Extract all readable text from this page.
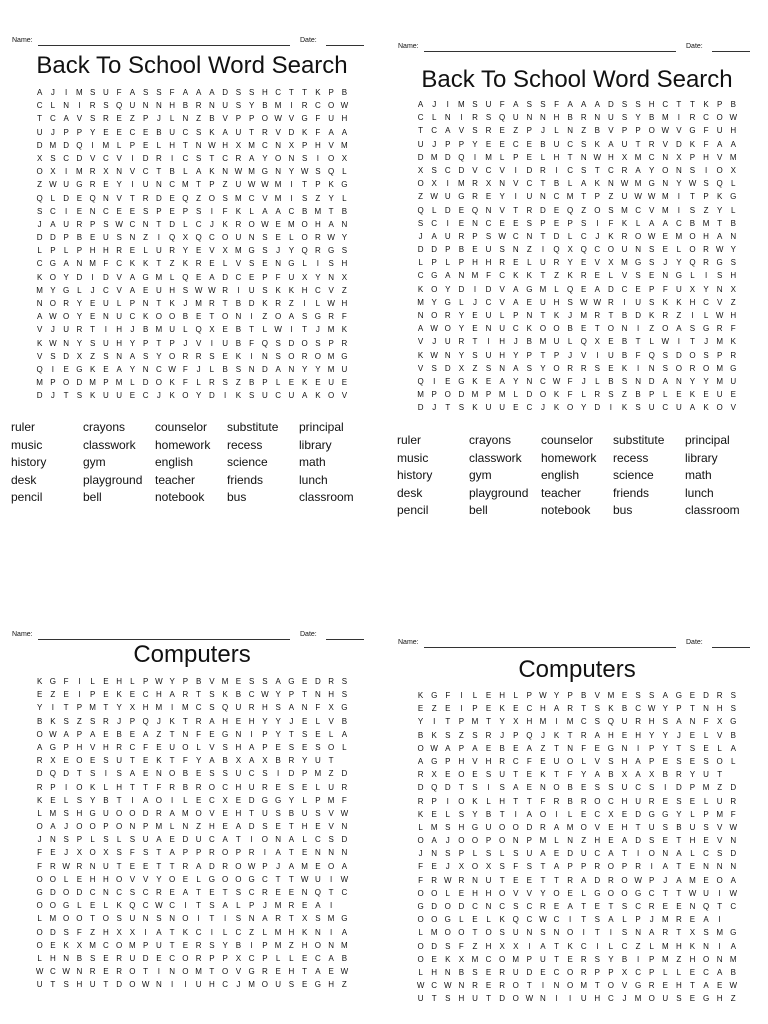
Name:	Date:
Back To School Word Search
A	J	I	M S U F	A S S	F	A A A D S S H C T	T	K P B
C	L	N	I	R S Q U N N H B R N U S Y B M	I	R C O W
T C A V S R E	Z	P	J	L	N Z	B V P P O W V G F U H
U	J	P P Y E E C E B U C S K A U T R V D K	F	A A
D M D Q	I	M L	P E	L	H T N W H X M C N X P H V M
X S C D V C V	I	D R	I	C S	T C R A Y O N S	I	O X
O X	I	M R X N V C T	B	L	A K N W M G N Y W S Q L
Z W U G R E Y	I	U N C M T	P	Z U W W M	I	T	P K G
Q L	D E Q N V	T R D E Q Z O S M C V M	I	S	Z	Y	L
S C	I	E N C E E S P E P S	I	F	K	L	A A C B M T	B
J	A U R P S W C N T D	L	C	J	K R O W E M O H A N
D D P B E U S N Z	I	Q X Q C O U N S E	L O R W Y
L	P	L	P H H R E	L	U R Y E V X M G S	J	Y Q R G S
C G A N M F C K K	T	Z	K R E	L	V S E N G L	I	S H
K O Y D	I	D V A G M L Q E A D C E P	F U X Y N X
M Y G L	J	C V A E U H S W W R	I	U S K K H C V	Z
N O R Y E U	L	P N T	K	J M R T	B D K R Z	I	L W H
A W O Y E N U C K O O B E	T O N	I	Z O A S G R F
V	J	U R T	I	H	J	B M U	L Q X E B	T	L W	I	T	J M K
K W N Y S U H Y P	T	P	J	V	I	U B	F Q S D O S P R
V S D X	Z	S N A S Y O R R S E K	I	N S O R O M G
Q	I	E G K E A Y N C W F	J	L	B S N D A N Y Y M U
M P O D M P M L	D O K	F	L	R S	Z	B P	L	E K E U E
D	J	T	S K U U E C	J	K O Y D	I	K S U C U A K O V
ruler	crayons	counselor	substitute	principal
music	classwork	homework	recess	library
history	gym	english	science	math
desk	playground	teacher	friends	lunch
pencil	bell	notebook	bus	classroom
Name:	Date:
Back To School Word Search
A	J	I	M S	U	F	A	S	S	F	A	A	A	D	S	S	H C	T	T	K	P	B
C	L	N	I	R	S Q U N N H	B	R N U	S	Y	B M	I	R C O W
T	C	A	V	S	R	E	Z	P	J	L	N	Z	B	V	P	P O W V G	F	U H
U	J	P	P	Y	E	E	C	E	B	U C	S	K	A	U	T	R	V	D	K	F	A	A
D M D Q	I	M	L	P	E	L	H	T	N W H	X M C N	X	P	H	V M
X	S	C D	V	C	V	I	D R	I	C	S	T	C R	A	Y O N	S	I	O X
O X	I	M R	X	N	V	C	T	B	L	A	K	N W M G N	Y W S Q	L
Z W U G R	E	Y	I	U N C M T	P	Z	U W W M	I	T	P	K G
Q	L	D	E Q N	V	T	R D	E Q	Z	O S M C	V M	I	S	Z	Y	L
S	C	I	E	N C	E	E	S	P	E	P	S	I	F	K	L	A	A	C	B M T	B
J	A	U R	P	S W C N	T	D	L	C	J	K	R O W E M O H	A	N
D D	P	B	E	U	S	N	Z	I	Q X Q C O U N	S	E	L	O R W Y
L	P	L	P	H H R	E	L	U R	Y	E	V	X M G S	J	Y Q R G S
C G A	N M F	C	K	K	T	Z	K	R	E	L	V	S	E	N G	L	I	S	H
K O Y	D	I	D	V	A G M	L	Q E	A	D C	E	P	F	U	X	Y	N	X
M Y G	L	J	C	V	A	E	U H	S W W R	I	U	S	K	K	H C	V	Z
N O R	Y	E	U	L	P	N	T	K	J	M R	T	B	D	K	R	Z	I	L W H
A W O Y	E	N U C	K O O B	E	T	O N	I	Z	O A	S G R	F
V	J	U R	T	I	H	J	B M U	L	Q X	E	B	T	L W	I	T	J	M K
K W N	Y	S	U H	Y	P	T	P	J	V	I	U	B	F	Q S	D O S	P	R
V	S	D	X	Z	S	N	A	S	Y O R R	S	E	K	I	N	S O R O M G
Q	I	E G K	E	A	Y	N C W F	J	L	B	S	N D	A	N	Y	Y M U
M P O D M P M	L	D O K	F	L	R	S	Z	B	P	L	E	K	E	U	E
D	J	T	S	K	U U	E	C	J	K O Y	D	I	K	S	U C U	A	K O V
ruler	crayons	counselor	substitute	principal
music	classwork	homework	recess	library
history	gym	english	science	math
desk	playground	teacher	friends	lunch
pencil	bell	notebook	bus	classroom
Name:	Date:
Computers
K G F	I	L	E H	L	P W Y P B V M E S S A G E D R S
E	Z	E	I	P E K E C H A R T	S K B C W Y P	T N H S
Y	I	T	P M T	Y X H M	I	M C S Q U R H S A N F	X G
B K S	Z	S R	J	P Q	J	K	T R A H E H Y Y	J	E	L	V B
O W A P A E B E A	Z	T N F	E G N	I	P Y	T	S E	L	A
A G P H V H R C F	E U O L	V S H A P E S E S O L
R X E O E S U T	E K	T	F	Y A B X A X B R Y U T
D Q D T	S	I	S A E N O B E S S U C S	I	D P M Z D
R P	I	O K	L	H T	T	F R B R O C H U R E S E	L	U R
K E	L	S Y B	T	I	A O	I	L	E C X E D G G Y	L	P M F
L M S H G U O O D R A M O V E H T U S B U S V W
O A	J	O O P O N P M L	N Z H E A D S E	T H E V N
J	N S P	L	S	L	S U A E D U C A	T	I	O N A	L	C S D
F	E	J	X O X S	F	S	T	A P P R O P R	I	A	T	E N N N
F R W R N U T	E E	T	T R A D R O W P	J	A M E O A
O O L	E H H O V V Y O E	L G O O G C T	T W U	I	W
G D O D C N C S C R E A	T	E	T	S C R E E N Q T C
O O G L	E	L	K Q C W C	I	T	S A	L	P	J M R E A	I
L M O O T O S U N S N O	I	T	I	S N A R T	X S M G
O D S	F	Z H X X	I	A	T	K C	I	L	C Z	L M H K N	I	A
O E K X M C O M P U T	E R S Y B	I	P M Z H O N M
L	H N B S E R U D E C O R P P X C P	L	L	E C A B
W C W N R E R O T	I	N O M T O V G R E H T	A E W
U T	S H U T D O W N	I	I	U H C	J M O U S E G H Z
Name:	Date:
Computers
K G	F	I	L	E	H	L	P W Y	P	B	V M E	S	S	A G E	D R	S
E	Z	E	I	P	E	K	E	C H	A	R	T	S	K	B	C W Y	P	T	N H	S
Y	I	T	P M T	Y	X	H M	I	M C	S Q U R H	S	A	N	F	X G
B	K	S	Z	S	R	J	P Q	J	K	T	R	A	H	E	H	Y	Y	J	E	L	V	B
O W A	P	A	E	B	E	A	Z	T	N	F	E G N	I	P	Y	T	S	E	L	A
A G P	H	V	H R C	F	E	U O	L	V	S	H	A	P	E	S	E	S O	L
R	X	E O E	S	U	T	E	K	T	F	Y	A	B	X	A	X	B	R	Y	U	T
D Q D	T	S	I	S	A	E	N O B	E	S	S	U C	S	I	D	P M Z	D
R	P	I	O K	L	H	T	T	F	R	B	R O C H U R	E	S	E	L	U R
K	E	L	S	Y	B	T	I	A O	I	L	E	C	X	E	D G G Y	L	P M F
L	M S	H G U O O D R	A M O V	E	H	T	U	S	B	U	S	V W
O A	J	O O P O N	P M	L	N	Z	H	E	A	D	S	E	T	H	E	V	N
J	N	S	P	L	S	L	S	U	A	E	D U C	A	T	I	O N	A	L	C	S	D
F	E	J	X O X	S	F	S	T	A	P	P	R O P	R	I	A	T	E	N N N
F	R W R N U	T	E	E	T	T	R	A	D R O W P	J	A M E O A
O O	L	E	H H O V	V	Y O E	L	G O O G C	T	T W U	I	W
G D O D C N C	S	C R	E	A	T	E	T	S	C R	E	E	N Q	T	C
O O G	L	E	L	K Q C W C	I	T	S	A	L	P	J	M R	E	A	I
L	M O O	T	O S	U N	S	N O	I	T	I	S	N	A	R	T	X	S M G
O D	S	F	Z	H	X	X	I	A	T	K	C	I	L	C	Z	L	M H	K	N	I	A
O E	K	X M C O M P	U	T	E	R	S	Y	B	I	P M Z	H O N M
L	H N	B	S	E	R U D	E	C O R	P	P	X	C	P	L	L	E	C	A	B
W C W N R	E	R O	T	I	N O M T	O V G R	E	H	T	A	E W
U	T	S	H U	T	D O W N	I	I	U H C	J	M O U	S	E G H	Z
